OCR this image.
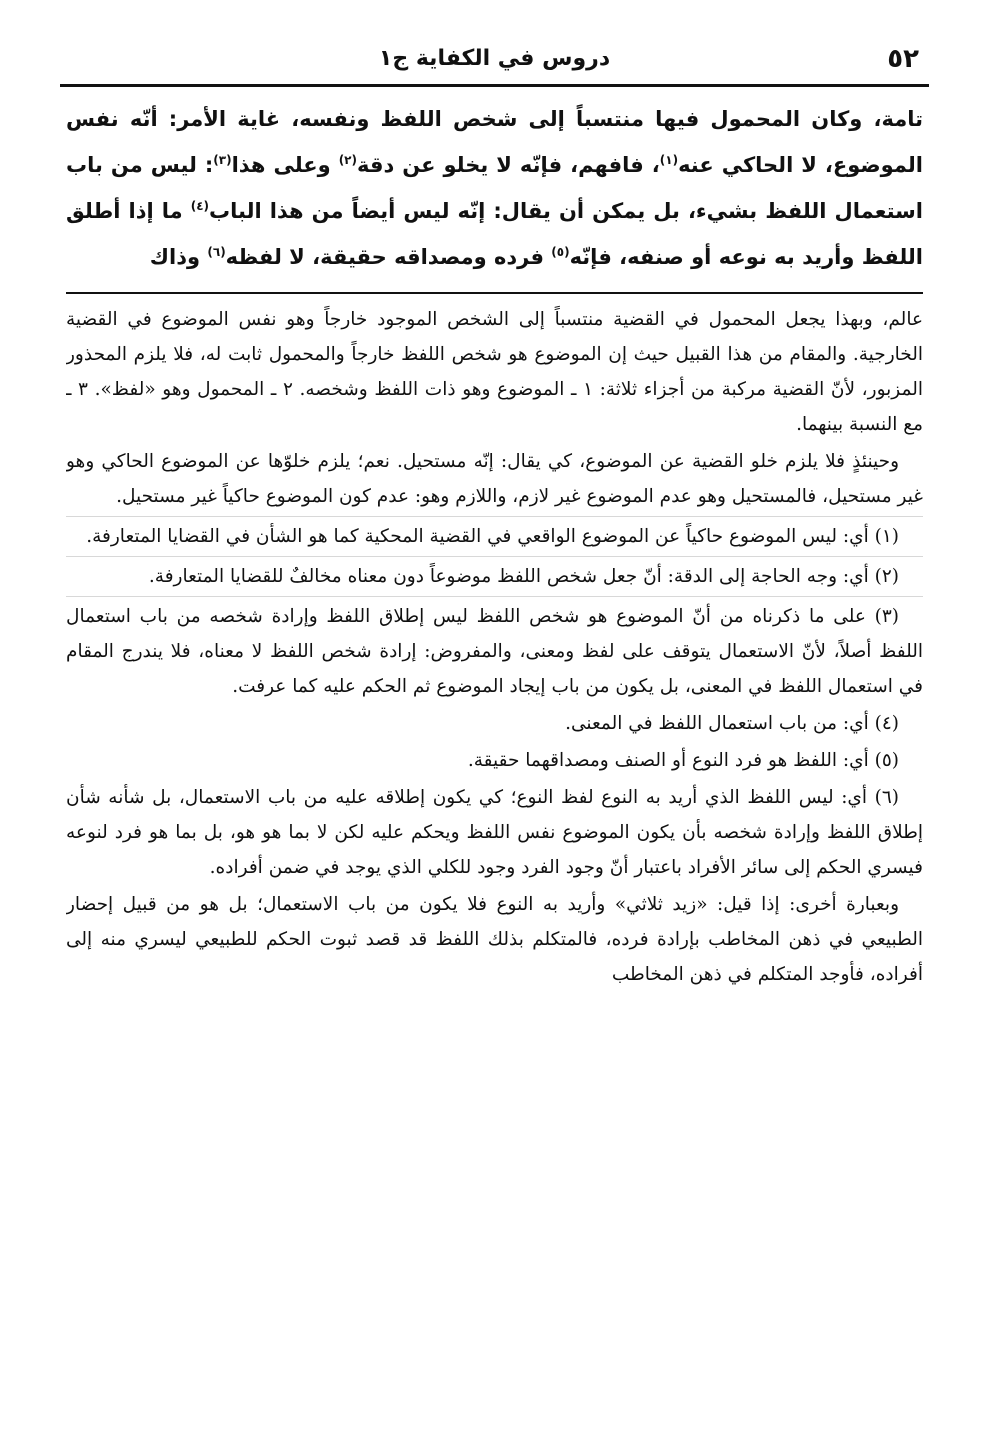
٥٢
دروس في الكفاية ج١
تامة، وكان المحمول فيها منتسباً إلى شخص اللفظ ونفسه، غاية الأمر: أنّه نفس الموضوع، لا الحاكي عنه$^{(١)}$، فافهم، فإنّه لا يخلو عن دقة$^{(٢)}$ وعلى هذا$^{(٣)}$: ليس من باب استعمال اللفظ بشيء، بل يمكن أن يقال: إنّه ليس أيضاً من هذا الباب$^{(٤)}$ ما إذا أطلق اللفظ وأريد به نوعه أو صنفه، فإنّه$^{(٥)}$ فرده ومصداقه حقيقة، لا لفظه$^{(٦)}$ وذاك

عالم، وبهذا يجعل المحمول في القضية منتسباً إلى الشخص الموجود خارجاً وهو نفس الموضوع في القضية الخارجية. والمقام من هذا القبيل حيث إن الموضوع هو شخص اللفظ خارجاً والمحمول ثابت له، فلا يلزم المحذور المزبور، لأنّ القضية مركبة من أجزاء ثلاثة: ١ ـ الموضوع وهو ذات اللفظ وشخصه. ٢ ـ المحمول وهو «لفظ». ٣ ـ مع النسبة بينهما.

وحينئذٍ فلا يلزم خلو القضية عن الموضوع، كي يقال: إنّه مستحيل. نعم؛ يلزم خلوّها عن الموضوع الحاكي وهو غير مستحيل، فالمستحيل وهو عدم الموضوع غير لازم، واللازم وهو: عدم كون الموضوع حاكياً غير مستحيل.

(١) أي: ليس الموضوع حاكياً عن الموضوع الواقعي في القضية المحكية كما هو الشأن في القضايا المتعارفة.

(٢) أي: وجه الحاجة إلى الدقة: أنّ جعل شخص اللفظ موضوعاً دون معناه مخالفٌ للقضايا المتعارفة.

(٣) على ما ذكرناه من أنّ الموضوع هو شخص اللفظ ليس إطلاق اللفظ وإرادة شخصه من باب استعمال اللفظ أصلاً، لأنّ الاستعمال يتوقف على لفظ ومعنى، والمفروض: إرادة شخص اللفظ لا معناه، فلا يندرج المقام في استعمال اللفظ في المعنى، بل يكون من باب إيجاد الموضوع ثم الحكم عليه كما عرفت.

(٤) أي: من باب استعمال اللفظ في المعنى.

(٥) أي: اللفظ هو فرد النوع أو الصنف ومصداقهما حقيقة.

(٦) أي: ليس اللفظ الذي أريد به النوع لفظ النوع؛ كي يكون إطلاقه عليه من باب الاستعمال، بل شأنه شأن إطلاق اللفظ وإرادة شخصه بأن يكون الموضوع نفس اللفظ ويحكم عليه لكن لا بما هو هو، بل بما هو فرد لنوعه فيسري الحكم إلى سائر الأفراد باعتبار أنّ وجود الفرد وجود للكلي الذي يوجد في ضمن أفراده.

وبعبارة أخرى: إذا قيل: «زيد ثلاثي» وأريد به النوع فلا يكون من باب الاستعمال؛ بل هو من قبيل إحضار الطبيعي في ذهن المخاطب بإرادة فرده، فالمتكلم بذلك اللفظ قد قصد ثبوت الحكم للطبيعي ليسري منه إلى أفراده، فأوجد المتكلم في ذهن المخاطب
